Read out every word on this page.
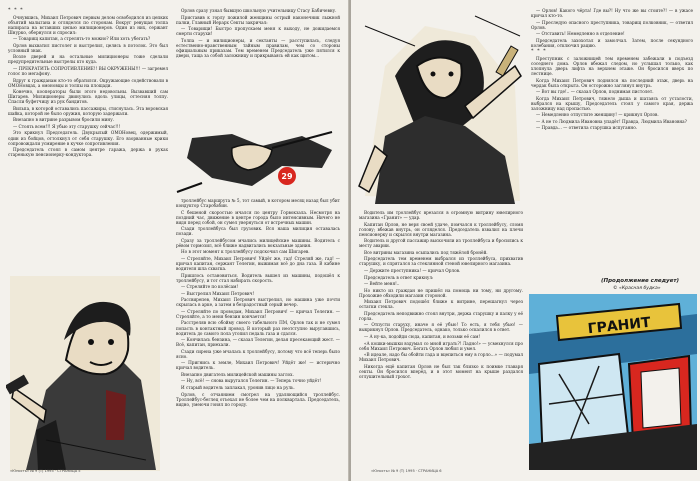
* * *

Очнувшись, Михаил Петрович первым делом освободился из цепких объятий малыгана и огляделся по сторонам. Вокруг ревущая толпа напирала на вставших цепью милиционеров. Один из них, сержант Шнурко, обернулся и спросил:

— Товарищ капитан, а стрелять-то можно? Или хоть убегать?

Орлов выхватил пистолет и выстрелил, целясь в потолок. Это был условный знак.

Возле дверей и на остальные милиционеры тоже сделали предупредительные выстрелы кто куда.

— ПРЕКРАТИТЬ СОПРОТИВЛЕНИЕ!! ВЫ ОКРУЖЕНЫ!!! — загремел голос по мегафону.

Вдруг к гражданам кто-то обратился. Окружающие содействовали в ОМОНовцах, а омоновцы и толпы на площади.

Конечно, кооператоры были этого недовольны. Вызвавший сам Шигарев. Милиционеры двинулись вдоль улицы, оттесняя толпу. Спасли буфетчицу из рук бандитов.

Вильпа, в которой оставались пассажиры, стиснулась. Эта воровская шайка, которой не было оружия, которую задержали.

Внезапно в витрине разрывом бросили мину.

— Стоять всем!!! Я убью эту старушку сейчас!!!

Это крикнул Председатель. Двукрылый ОМОНовец, одержимый, один из бойцов, оттолкнул от себя старушку. Его взорванные крики сопровождали усмирение в кучке сопротивления.

Председатель стоял в самом центре гаража, держа в руках старенькую пенсионерку-кондуктора.

Орлов сразу узнал бывшую школьную учительницу Стасу Бабичевну.

Приставив к горлу пожилой женщины острый наконечник лыжной палки, Главный Иерарх Секты закричал:

— Товарищи! Быстро пропускаем меня к выходу, не дожидаемся смерти старухи!

Толпа — и милиционеры, и сектанты — расступилась, следуя естественно-нравственным тайным правилам, чем со стороны официальным приказам. Тем временем Председатель уже пятился к двери, таща за собой заложницу и прикрываясь ей как щитом...

29

троллейбус маршрута № 5, тот самый, в котором месяц назад был убит кондуктор Старобабин.

С бешеной скоростью мчался по центру Горвокзала. Несмотря на поздний час, движение в центре города было интенсивным. Ничего не видя перед собой, он сумел увернуться от встречных машин.

Сзади троллейбуса был грузовик. Вся наша милиция оставалась позади.

Сразу за троллейбусом мчались милицейские машины. Водитель с рёвом тормозил, всё ближе надвигались вокзальные здания.

Но в этот момент к троллейбусу подскочил сам Шигарев.

— Стреляйте, Михаил Петрович! Уйдёт же, гад! Стреляй же, гад! — кричал капитан, сержант Телегин, выжимая всё до дна газа. В кабине водителя шла схватка.

Пришлось остановиться. Водитель вышел из машины, подошёл к троллейбусу, и тот стал набирать скорость.

— Стреляйте по колёсам!

— Выстрелил Михаил Петрович!

Рассвирепев, Михаил Петрович выстрелил, но машина уже почти скрылась в арке, а затем в безрадостный серый вечер.

— Стреляйте по проводам, Михаил Петрович! — кричал Телегин. — Стреляйте, а то меня бензин кончается!

Расстреляв всю обойму своего табельного ПМ, Орлов так и не сумел попасть в контактный провод. В который раз неотступно выругавшись, водитель до самого пола утопил педаль газа и сдался.

— Кончилась бензина, — сказал Телегин, делая пресекающий жест. — Всё, капитан, приехали.

Сзади сирена уже мчалась к троллейбусу, потому что всё теперь было ясно.

— Пригнись к земле, Михаил Петрович! Уйдёт же! — истерично кричал водитель.

Внезапно двигатель милицейской машины заглох.

— Ну, всё! — снова выругался Телегин. — Теперь точно уйдёт!

И старый водитель заплакал, уронив лицо на руль.

Орлов, с отчаянием смотрел на удаляющийся троллейбус. Троллейбус-беглец отъехал не более чем на полквартала. Председатель, видно, умеючи гонял по городу.

«Юность» № 9 (Т) 1995 · СТРАНИЦА 5

Водитель им троллейбус врезался в огромную витрину ювелирного магазина «Гранит» — удар.

Капитан Орлов, не веря своей удаче, помчался к троллейбусу, сломя голову; вбежав внутрь, он огляделся. Председатель взвалил на плечи пенсионерку и скрылся внутри магазина.

Водитель и другой пассажир выскочили из троллейбуса и бросились к месту аварии.

Все витрины магазина осыпались под тяжёлой бронёй.

Председатель тем временем выбрался из троллейбуса, прихватив старушку, и спрятался за стеклянной стеной ювелирного магазина.

— Держите преступника! — кричал Орлов.

Председатель в ответ крикнул:

— Вейте меня!..

Но никто из граждан не пришёл на помощь ни тому, ни другому. Прохожие обходили магазин стороной.

Михаил Петрович подошёл ближе к витрине, перешагнул через остатки стекла.

Председатель неподвижно стоял внутри, держа старушку и палку у её горла.

— Отпусти старуху, иначе я её убью! То есть, я тебя убью! — выкрикнул Орлов. Председатель, однако, только оскалился в ответ.

— А ну-ка, подойди сюда, капитан, и возьми её сам!

«А кошки-мышки вздумал со мной играть?! Ладно!» — усмехнулся про себя Михаил Петрович. Бегать Орлов любил и умел.

«В идеале, надо бы обойти гада и вцепиться ему в горло...» — подумал Михаил Петрович.

Никогда ещё капитан Орлов не был так близко к поимке главаря секты. Он бросился вперёд, и в этот момент на крыше раздался оглушительный грохот.

— Орлов! Какого чёрта! Где вы?! Ну что же вы стоите?! — в ужасе кричал кто-то.

— Преследую опасного преступника, товарищ полковник, — ответил Орлов.

— Отставить! Немедленно в отделение!

Председатель захохотал и замолчал. Затем, после секундного колебания, отключил рацию.

* * *

Преступник с заложницей тем временем забежали в подъезд соседнего дома. Орлов вбежал следом, но услышал только, как хлопнула дверь лифта на верхнем этаже. Он бросился вверх по лестнице.

Когда Михаил Петрович поднялся на последний этаж, дверь на чердак была открыта. Он осторожно заглянул внутрь.

— Вот вы где!.. — сказал Орлов, поднимая пистолет.

Когда Михаил Петрович, тяжело дыша и шатаясь от усталости, выбрался на крышу, Председатель стоял у самого края, держа заложницу над пропастью.

— Немедленно отпустите женщину! — крикнул Орлов.

— А не то Людмила Ивановна упадёт! Правда, Людмила Ивановна?

— Правда... — ответила старушка испуганно.

(Продолжение следует)
© «Красная будка»
ГРАНИТ
«Юность» № 9 (Т) 1995 · СТРАНИЦА 6
